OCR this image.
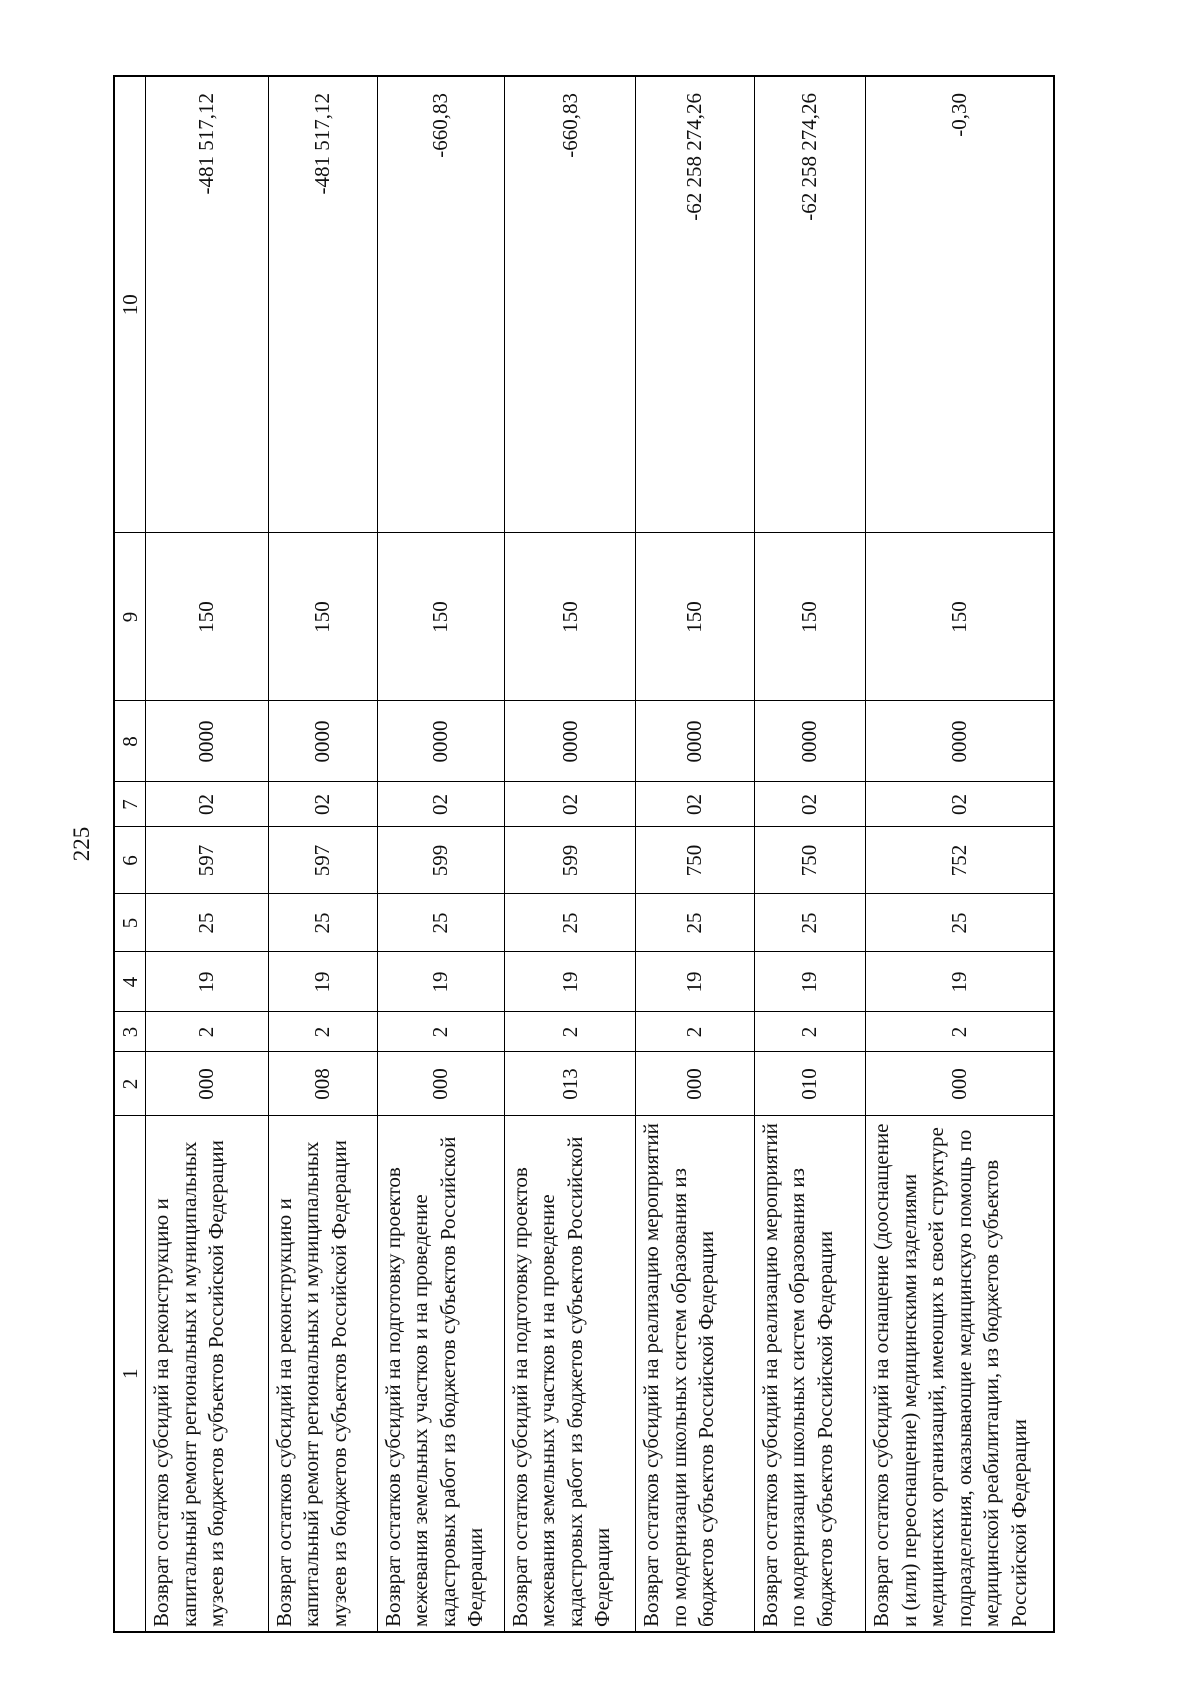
225
1	2	3	4	5	6	7	8	9	10
Возврат остатков субсидий на реконструкцию и капитальный ремонт региональных и муниципальных музеев из бюджетов субъектов Российской Федерации	000	2	19	25	597	02	0000	150	-481 517,12
Возврат остатков субсидий на реконструкцию и капитальный ремонт региональных и муниципальных музеев из бюджетов субъектов Российской Федерации	008	2	19	25	597	02	0000	150	-481 517,12
Возврат остатков субсидий на подготовку проектов межевания земельных участков и на проведение кадастровых работ из бюджетов субъектов Российской Федерации	000	2	19	25	599	02	0000	150	-660,83
Возврат остатков субсидий на подготовку проектов межевания земельных участков и на проведение кадастровых работ из бюджетов субъектов Российской Федерации	013	2	19	25	599	02	0000	150	-660,83
Возврат остатков субсидий на реализацию мероприятий по модернизации школьных систем образования из бюджетов субъектов Российской Федерации	000	2	19	25	750	02	0000	150	-62 258 274,26
Возврат остатков субсидий на реализацию мероприятий по модернизации школьных систем образования из бюджетов субъектов Российской Федерации	010	2	19	25	750	02	0000	150	-62 258 274,26
Возврат остатков субсидий на оснащение (дооснащение и (или) переоснащение) медицинскими изделиями медицинских организаций, имеющих в своей структуре подразделения, оказывающие медицинскую помощь по медицинской реабилитации, из бюджетов субъектов Российской Федерации	000	2	19	25	752	02	0000	150	-0,30
